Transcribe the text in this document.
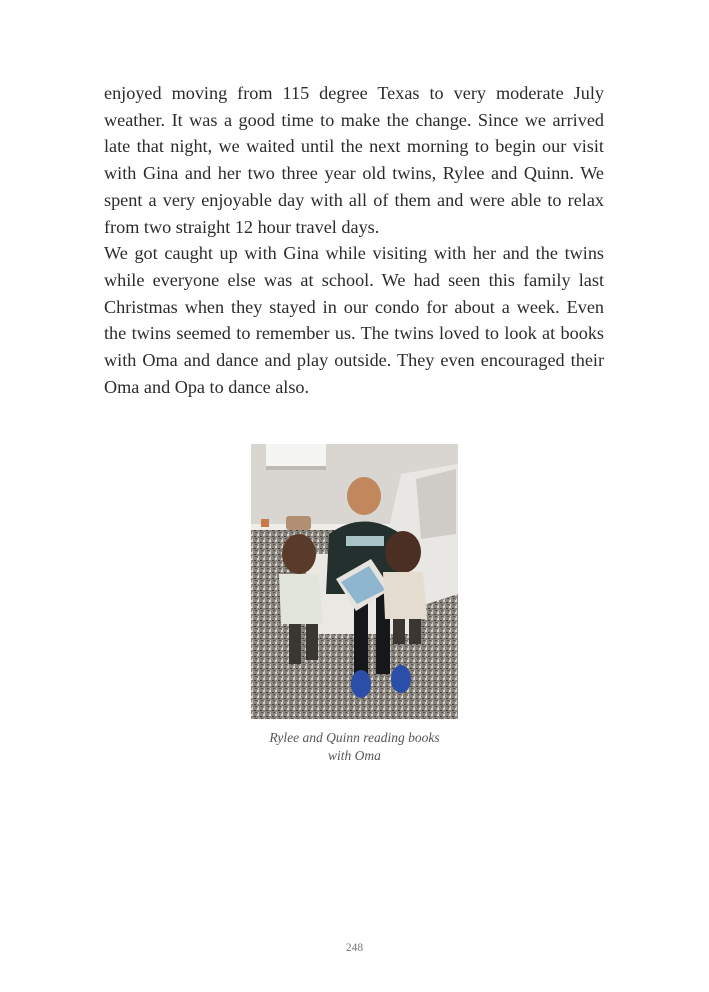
enjoyed moving from 115 degree Texas to very moderate July weather. It was a good time to make the change. Since we arrived late that night, we waited until the next morning to begin our visit with Gina and her two three year old twins, Rylee and Quinn. We spent a very enjoyable day with all of them and were able to relax from two straight 12 hour travel days.

We got caught up with Gina while visiting with her and the twins while everyone else was at school. We had seen this family last Christmas when they stayed in our condo for about a week. Even the twins seemed to remember us. The twins loved to look at books with Oma and dance and play outside. They even encouraged their Oma and Opa to dance also.

Rylee and Quinn reading books
with Oma
248
